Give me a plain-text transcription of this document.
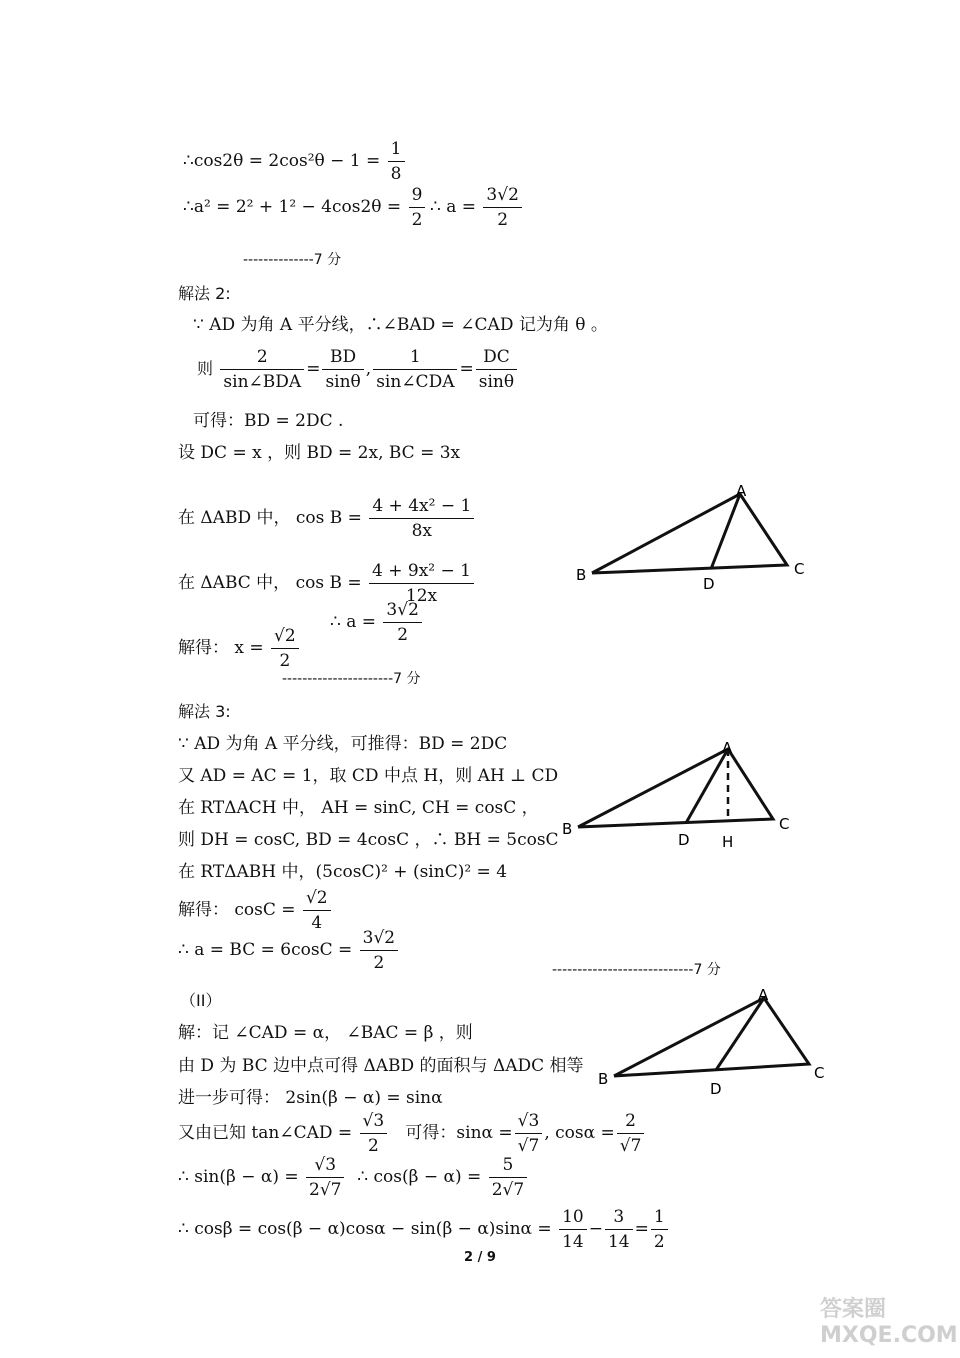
∴cos2θ = $2\cos^2\theta - 1 = \frac{1}{8}$
∴a² = $2^2 + 1^2 - 4\cos 2\theta = \frac{9}{2}$ ∴ $a = \frac{3√2}{2}$
--------------7 分
解法 2:
∵ AD 为角 A 平分线，∴∠BAD = ∠CAD 记为角 θ 。
则
2
sin∠BDA
= $\frac{BD}{\sin\theta}$ ,
1
sin∠CDA
= $\frac{DC}{\sin\theta}$
可得：BD = 2DC .
设 DC = x ，则 BD = 2x, BC = 3x
在 ΔABD 中， $\cos B = \frac{\text{4 + 4x² − 1}}{8x}$
在 ΔABC 中， $\cos B = \frac{\text{4 + 9x² − 1}}{12x}$
∴ $a = \frac{3√2}{2}$
解得： $x = \frac{√2}{2}$
----------------------7 分
解法 3:
∵ AD 为角 A 平分线，可推得：BD = 2DC
又 AD = AC = 1，取 CD 中点 H，则 AH ⊥ CD
在 RTΔACH 中， AH = sinC, CH = cosC ，
则 DH = cosC, BD = 4cosC ，∴ BH = 5cosC
在 RTΔABH 中，(5cosC)² + (sinC)² = 4
解得： $\cos C = \frac{√2}{4}$
∴ a = BC = $6\cos C = \frac{3√2}{2}$	----------------------------7 分
（II）
解：记 ∠CAD = α， ∠BAC = β ，则
由 D 为 BC 边中点可得 ΔABD 的面积与 ΔADC 相等
进一步可得： 2sin(β − α) = sinα
又由已知 tan∠CAD = $\frac{√3}{2}$ 可得：$\sin\alpha = \frac{√3}{√7}$ , $\cos\alpha = \frac{2}{√7}$
∴ $\sin(\beta - \alpha) = \frac{√3}{2√7}$ ∴ $\cos(\beta - \alpha) = \frac{5}{2√7}$
∴ $\cos\beta = \cos(\beta - \alpha)\cos\alpha - \sin(\beta - \alpha)\sin\alpha = \frac{10}{14} - \frac{3}{14} = \frac{1}{2}$
A
B	C
D
A
B	C
D H
A
B	C
D
2 / 9
答案圈 MXQE.COM
